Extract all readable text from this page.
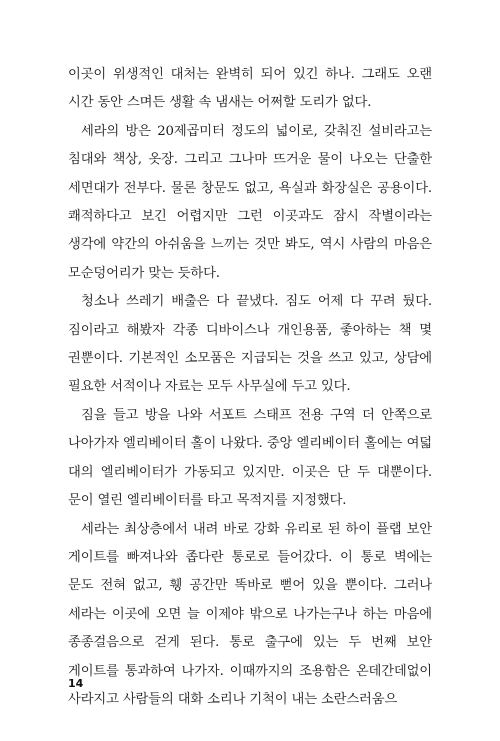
이곳이 위생적인 대처는 완벽히 되어 있긴 하나. 그래도 오랜 시간 동안 스며든 생활 속 냄새는 어쩌할 도리가 없다.

세라의 방은 20제곱미터 정도의 넓이로, 갖춰진 설비라고는 침대와 책상, 옷장. 그리고 그나마 뜨거운 물이 나오는 단출한 세면대가 전부다. 물론 창문도 없고, 욕실과 화장실은 공용이다. 쾌적하다고 보긴 어렵지만 그런 이곳과도 잠시 작별이라는 생각에 약간의 아쉬움을 느끼는 것만 봐도, 역시 사람의 마음은 모순덩어리가 맞는 듯하다.

청소나 쓰레기 배출은 다 끝냈다. 짐도 어제 다 꾸려 뒀다. 짐이라고 해봤자 각종 디바이스나 개인용품, 좋아하는 책 몇 권뿐이다. 기본적인 소모품은 지급되는 것을 쓰고 있고, 상담에 필요한 서적이나 자료는 모두 사무실에 두고 있다.

짐을 들고 방을 나와 서포트 스태프 전용 구역 더 안쪽으로 나아가자 엘리베이터 홀이 나왔다. 중앙 엘리베이터 홀에는 여덟 대의 엘리베이터가 가동되고 있지만. 이곳은 단 두 대뿐이다. 문이 열린 엘리베이터를 타고 목적지를 지정했다.

세라는 최상층에서 내려 바로 강화 유리로 된 하이 플랩 보안 게이트를 빠져나와 좁다란 통로로 들어갔다. 이 통로 벽에는 문도 전혀 없고, 휑 공간만 똑바로 뻗어 있을 뿐이다. 그러나 세라는 이곳에 오면 늘 이제야 밖으로 나가는구나 하는 마음에 종종걸음으로 걷게 된다. 통로 출구에 있는 두 번째 보안 게이트를 통과하여 나가자. 이때까지의 조용함은 온데간데없이 사라지고 사람들의 대화 소리나 기척이 내는 소란스러움으

14
